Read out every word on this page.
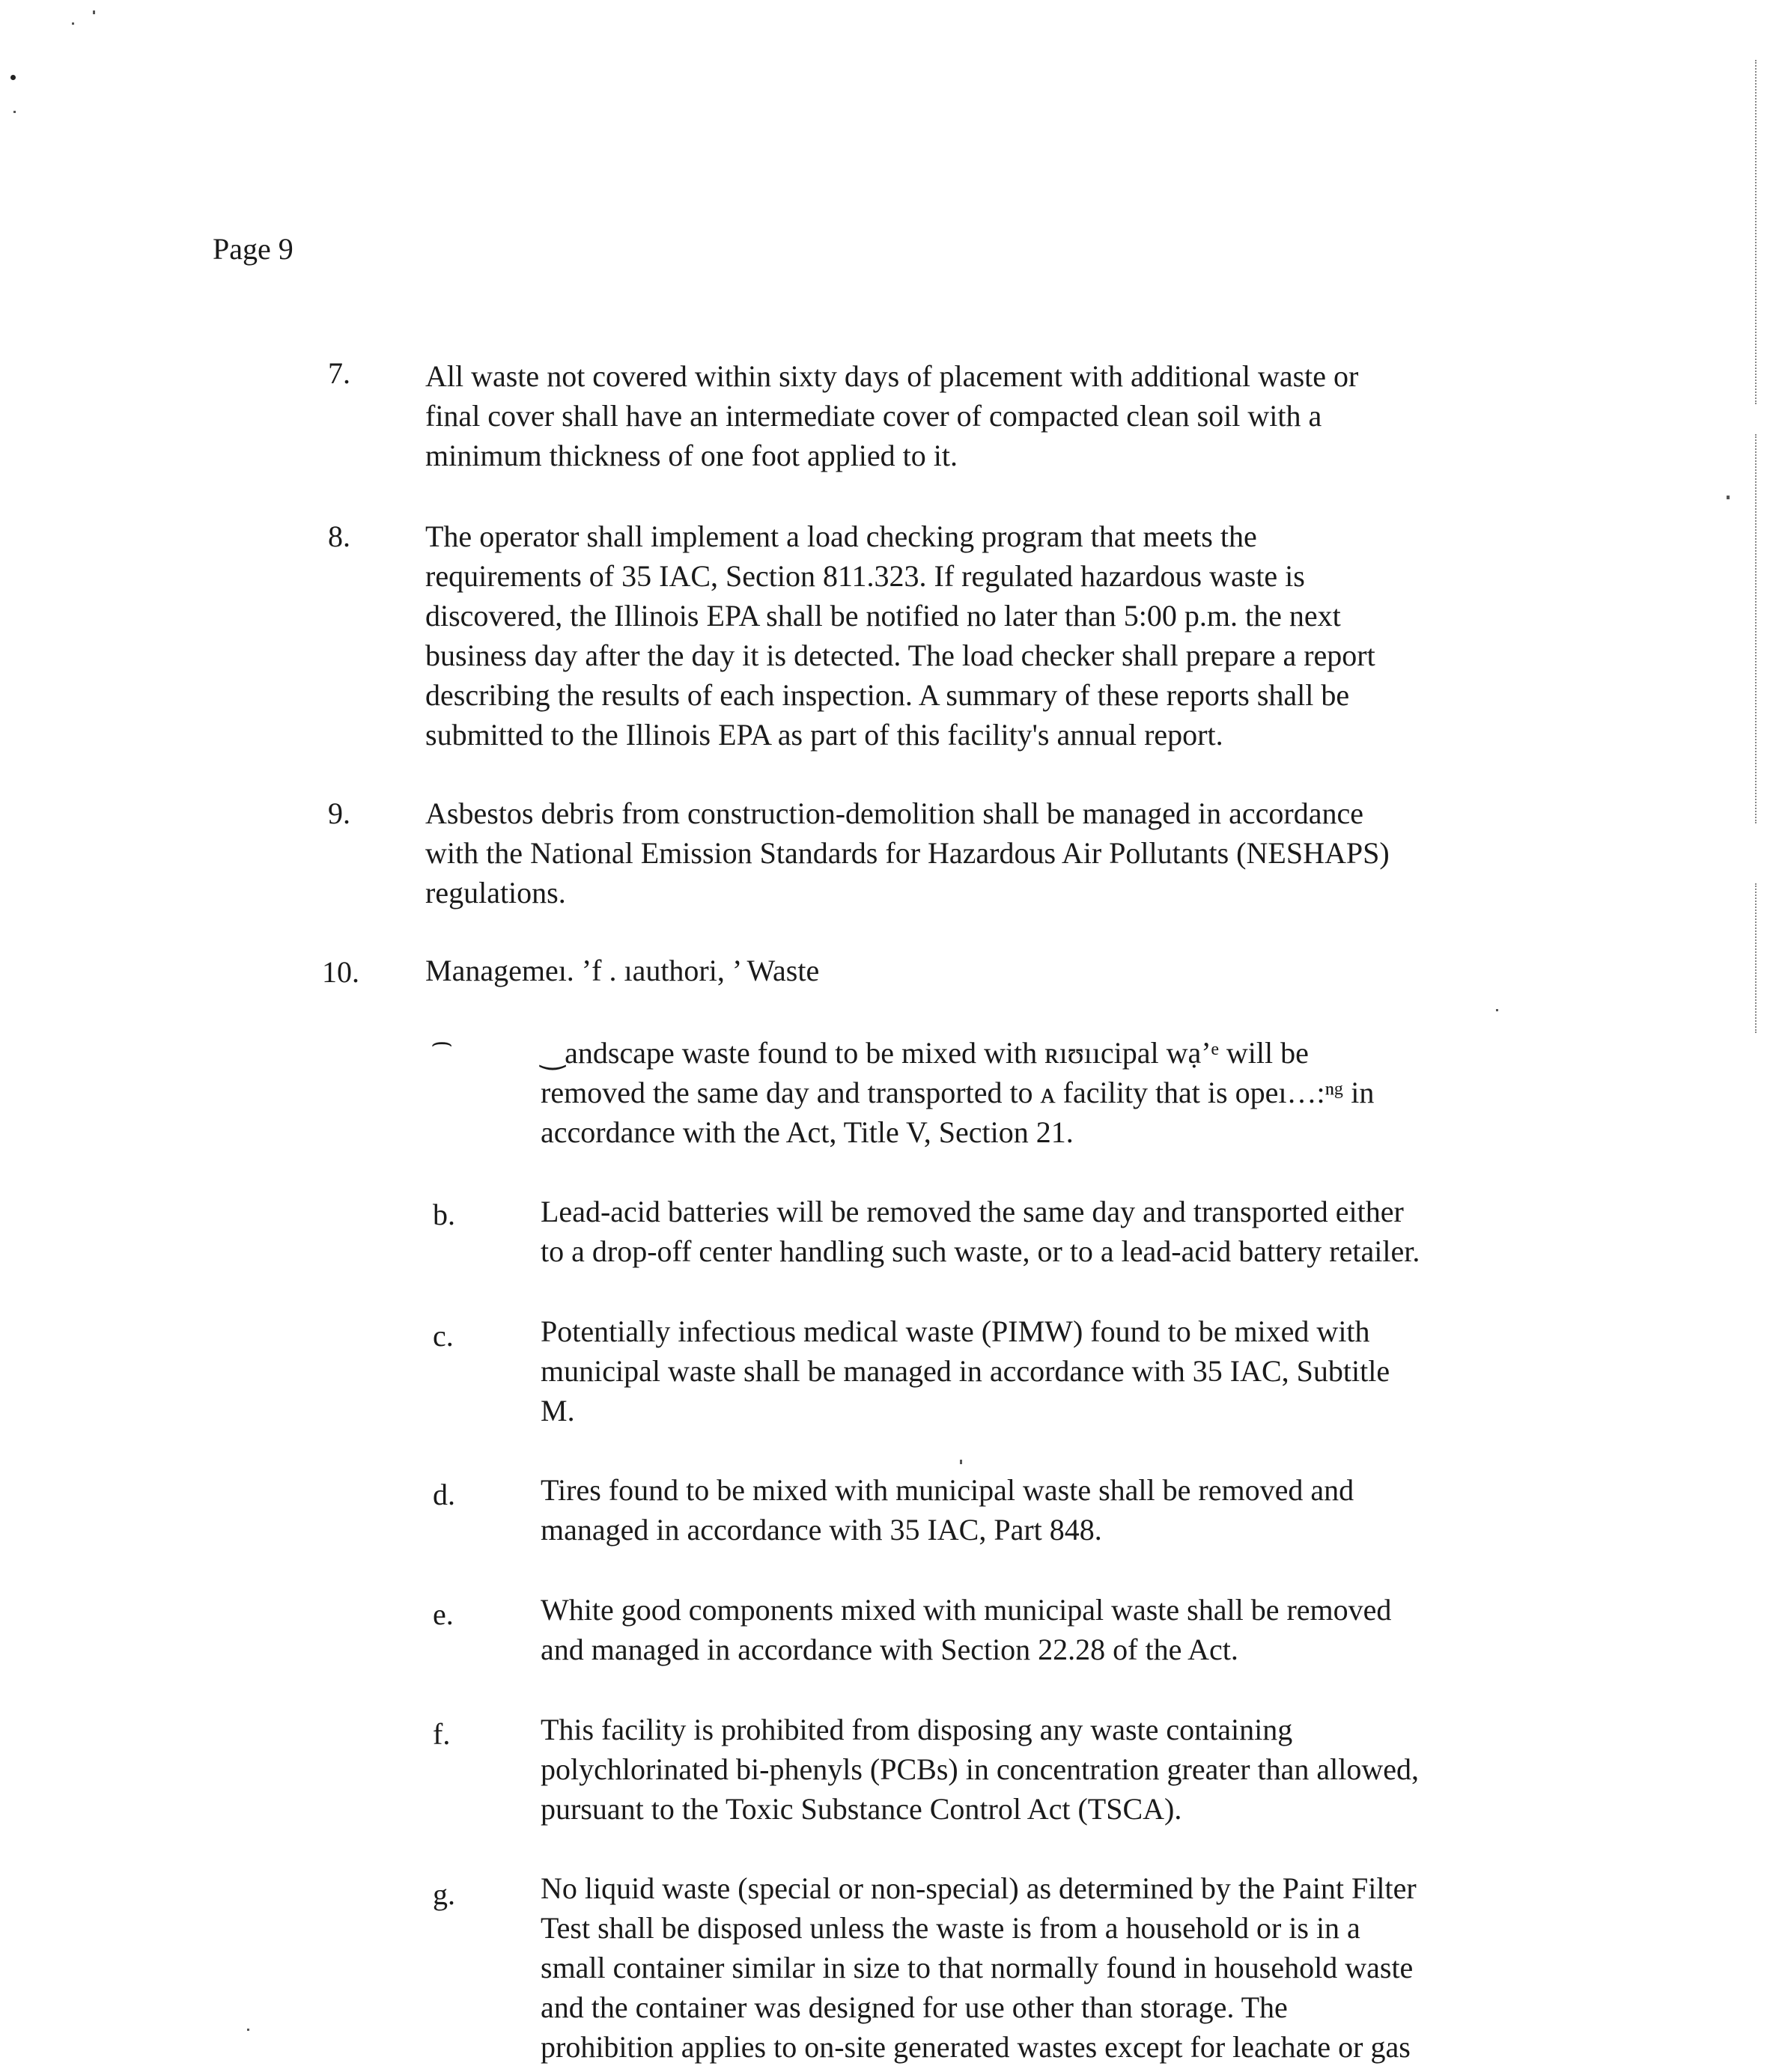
Page 9
7.	All waste not covered within sixty days of placement with additional waste or
final cover shall have an intermediate cover of compacted clean soil with a
minimum thickness of one foot applied to it.
8.	The operator shall implement a load checking program that meets the
requirements of 35 IAC, Section 811.323. If regulated hazardous waste is
discovered, the Illinois EPA shall be notified no later than 5:00 p.m. the next
business day after the day it is detected. The load checker shall prepare a report
describing the results of each inspection. A summary of these reports shall be
submitted to the Illinois EPA as part of this facility's annual report.
9.	Asbestos debris from construction-demolition shall be managed in accordance
with the National Emission Standards for Hazardous Air Pollutants (NESHAPS)
regulations.
10. Managemeı. ʼf . ıauthori, ’ Waste
‿andscape waste found to be mixed with ʀıʊııcipal wạʼᵉ will be
removed the same day and transported to ᴀ facility that is opeı…:ⁿᵍ in
accordance with the Act, Title V, Section 21.
b.	Lead-acid batteries will be removed the same day and transported either
to a drop-off center handling such waste, or to a lead-acid battery retailer.
c.	Potentially infectious medical waste (PIMW) found to be mixed with
municipal waste shall be managed in accordance with 35 IAC, Subtitle
M.
d.	Tires found to be mixed with municipal waste shall be removed and
managed in accordance with 35 IAC, Part 848.
e.	White good components mixed with municipal waste shall be removed
and managed in accordance with Section 22.28 of the Act.
f.	This facility is prohibited from disposing any waste containing
polychlorinated bi-phenyls (PCBs) in concentration greater than allowed,
pursuant to the Toxic Substance Control Act (TSCA).
g.	No liquid waste (special or non-special) as determined by the Paint Filter
Test shall be disposed unless the waste is from a household or is in a
small container similar in size to that normally found in household waste
and the container was designed for use other than storage. The
prohibition applies to on-site generated wastes except for leachate or gas
